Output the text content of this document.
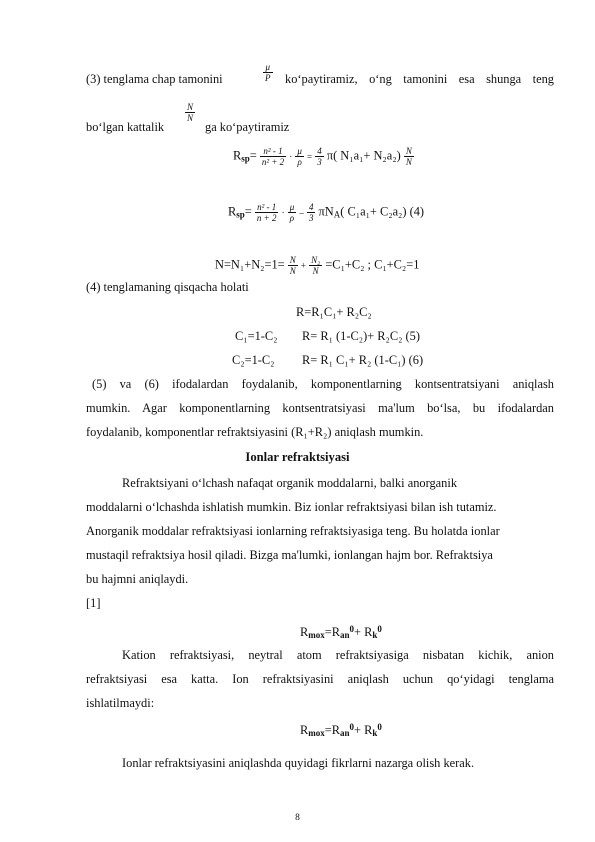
(3) tenglama chap tamonini	$\frac{\mu}{P}$ ko‘paytiramiz, o‘ng tamonini esa shunga teng
bo‘lgan kattalik
$\frac{N}{N}$
ga ko‘paytiramiz
$Rsp= \frac{\text{n² - 1}}{\text{n² + 2}} \cdot \frac{\mu}{\rho} = \frac{4}{3} \pi$( $N_1a_1+ N_2a_2) \frac{N}{N}$
$Rsp= \frac{\text{n² - 1}}{n + 2} \cdot \frac{\mu}{\rho} - \frac{4}{3} \pi NA$( C₁a₁+ C₂a₂) (4)
$N=N_1+N_2=1= \frac{N}{N} + \frac{\text{N₂}}{N} =C_1+C_2$ ; C₁+C₂=1
(4) tenglamaning qisqacha holati
R=R₁C₁+ R₂C₂
C₁=1-C₂ R= R₁ (1-C₂)+ R₂C₂ (5)
C₂=1-C₂ R= R₁ C₁+ R₂ (1-C₁) (6)
(5) va (6) ifodalardan foydalanib, komponentlarning kontsentratsiyani aniqlash
mumkin. Agar komponentlarning kontsentratsiyasi ma'lum bo‘lsa, bu ifodalardan
foydalanib, komponentlar refraktsiyasini (R₁+R₂) aniqlash mumkin.
Ionlar refraktsiyasi
Refraktsiyani o‘lchash nafaqat organik moddalarni, balki anorganik
moddalarni o‘lchashda ishlatish mumkin. Biz ionlar refraktsiyasi bilan ish tutamiz.
Anorganik moddalar refraktsiyasi ionlarning refraktsiyasiga teng. Bu holatda ionlar
mustaqil refraktsiya hosil qiladi. Bizga ma'lumki, ionlangan hajm bor. Refraktsiya
bu hajmni aniqlaydi.
[1]
Rmox=Ran$^0$+ $Rk^0$
Kation refraktsiyasi, neytral atom refraktsiyasiga nisbatan kichik, anion
refraktsiyasi esa katta. Ion refraktsiyasini aniqlash uchun qo‘yidagi tenglama
ishlatilmaydi:
Rmox=Ran$^0$+ $Rk^0$
Ionlar refraktsiyasini aniqlashda quyidagi fikrlarni nazarga olish kerak.
8
